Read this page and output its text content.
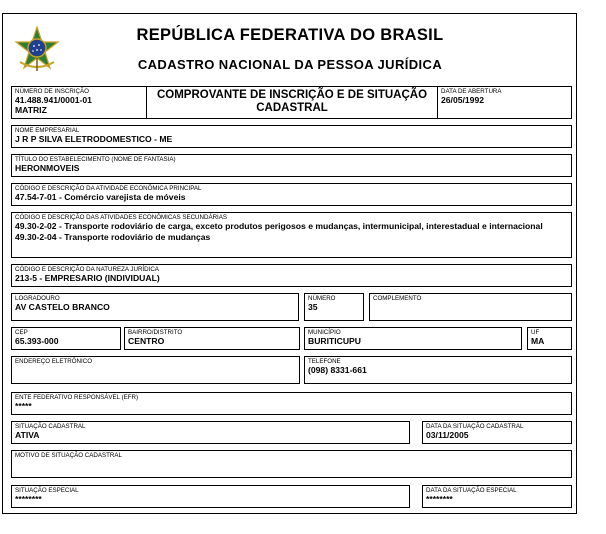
REPÚBLICA FEDERATIVA DO BRASIL
CADASTRO NACIONAL DA PESSOA JURÍDICA
NÚMERO DE INSCRIÇÃO
41.488.941/0001-01
MATRIZ
COMPROVANTE DE INSCRIÇÃO E DE SITUAÇÃO
CADASTRAL
DATA DE ABERTURA
26/05/1992
NOME EMPRESARIAL
J R P SILVA ELETRODOMESTICO - ME
TÍTULO DO ESTABELECIMENTO (NOME DE FANTASIA)
HERONMOVEIS
CÓDIGO E DESCRIÇÃO DA ATIVIDADE ECONÔMICA PRINCIPAL
47.54-7-01 - Comércio varejista de móveis
CÓDIGO E DESCRIÇÃO DAS ATIVIDADES ECONÔMICAS SECUNDÁRIAS
49.30-2-02 - Transporte rodoviário de carga, exceto produtos perigosos e mudanças, intermunicipal, interestadual e internacional
49.30-2-04 - Transporte rodoviário de mudanças
CÓDIGO E DESCRIÇÃO DA NATUREZA JURÍDICA
213-5 - EMPRESARIO (INDIVIDUAL)
LOGRADOURO
AV CASTELO BRANCO
NÚMERO
35
COMPLEMENTO
CEP
65.393-000
BAIRRO/DISTRITO
CENTRO
MUNICÍPIO
BURITICUPU
UF
MA
ENDEREÇO ELETRÔNICO	TELEFONE
(098) 8331-661
ENTE FEDERATIVO RESPONSÁVEL (EFR)
*****
SITUAÇÃO CADASTRAL
ATIVA
DATA DA SITUAÇÃO CADASTRAL
03/11/2005
MOTIVO DE SITUAÇÃO CADASTRAL
SITUAÇÃO ESPECIAL
********
DATA DA SITUAÇÃO ESPECIAL
********
